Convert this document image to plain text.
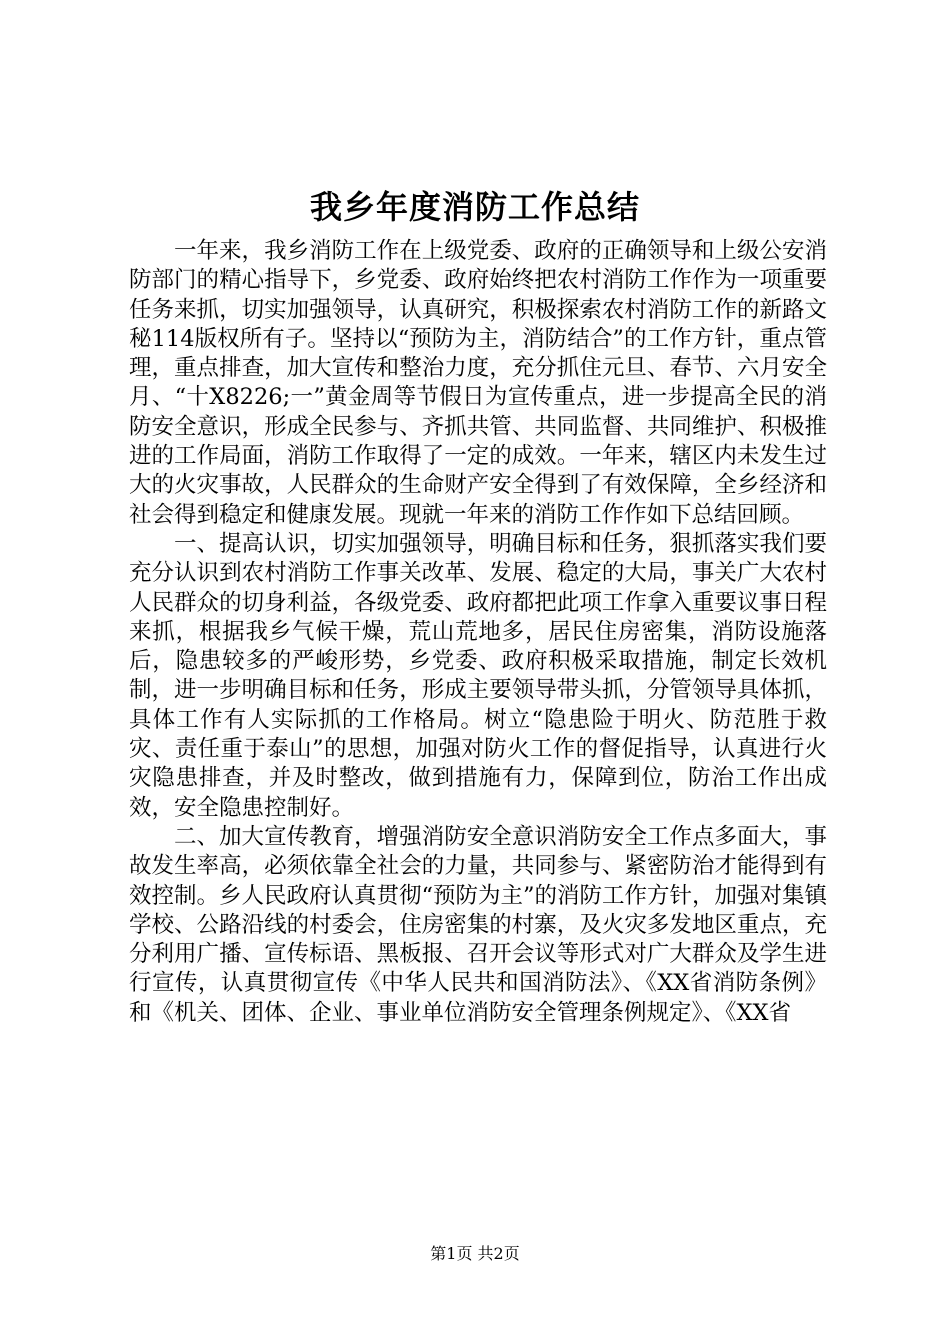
我乡年度消防工作总结

一年来，我乡消防工作在上级党委、政府的正确领导和上级公安消防部门的精心指导下，乡党委、政府始终把农村消防工作作为一项重要任务来抓，切实加强领导，认真研究，积极探索农村消防工作的新路文秘114版权所有子。坚持以“预防为主，消防结合”的工作方针，重点管理，重点排查，加大宣传和整治力度，充分抓住元旦、春节、六月安全月、“十X8226;一”黄金周等节假日为宣传重点，进一步提高全民的消防安全意识，形成全民参与、齐抓共管、共同监督、共同维护、积极推进的工作局面，消防工作取得了一定的成效。一年来，辖区内未发生过大的火灾事故，人民群众的生命财产安全得到了有效保障，全乡经济和社会得到稳定和健康发展。现就一年来的消防工作作如下总结回顾。

一、提高认识，切实加强领导，明确目标和任务，狠抓落实我们要充分认识到农村消防工作事关改革、发展、稳定的大局，事关广大农村人民群众的切身利益，各级党委、政府都把此项工作拿入重要议事日程来抓，根据我乡气候干燥，荒山荒地多，居民住房密集，消防设施落后，隐患较多的严峻形势，乡党委、政府积极采取措施，制定长效机制，进一步明确目标和任务，形成主要领导带头抓，分管领导具体抓，具体工作有人实际抓的工作格局。树立“隐患险于明火、防范胜于救灾、责任重于泰山”的思想，加强对防火工作的督促指导，认真进行火灾隐患排查，并及时整改，做到措施有力，保障到位，防治工作出成效，安全隐患控制好。

二、加大宣传教育，增强消防安全意识消防安全工作点多面大，事故发生率高，必须依靠全社会的力量，共同参与、紧密防治才能得到有效控制。乡人民政府认真贯彻“预防为主”的消防工作方针，加强对集镇学校、公路沿线的村委会，住房密集的村寨，及火灾多发地区重点，充分利用广播、宣传标语、黑板报、召开会议等形式对广大群众及学生进行宣传，认真贯彻宣传《中华人民共和国消防法》、《XX省消防条例》和《机关、团体、企业、事业单位消防安全管理条例规定》、《XX省

第1页 共2页
